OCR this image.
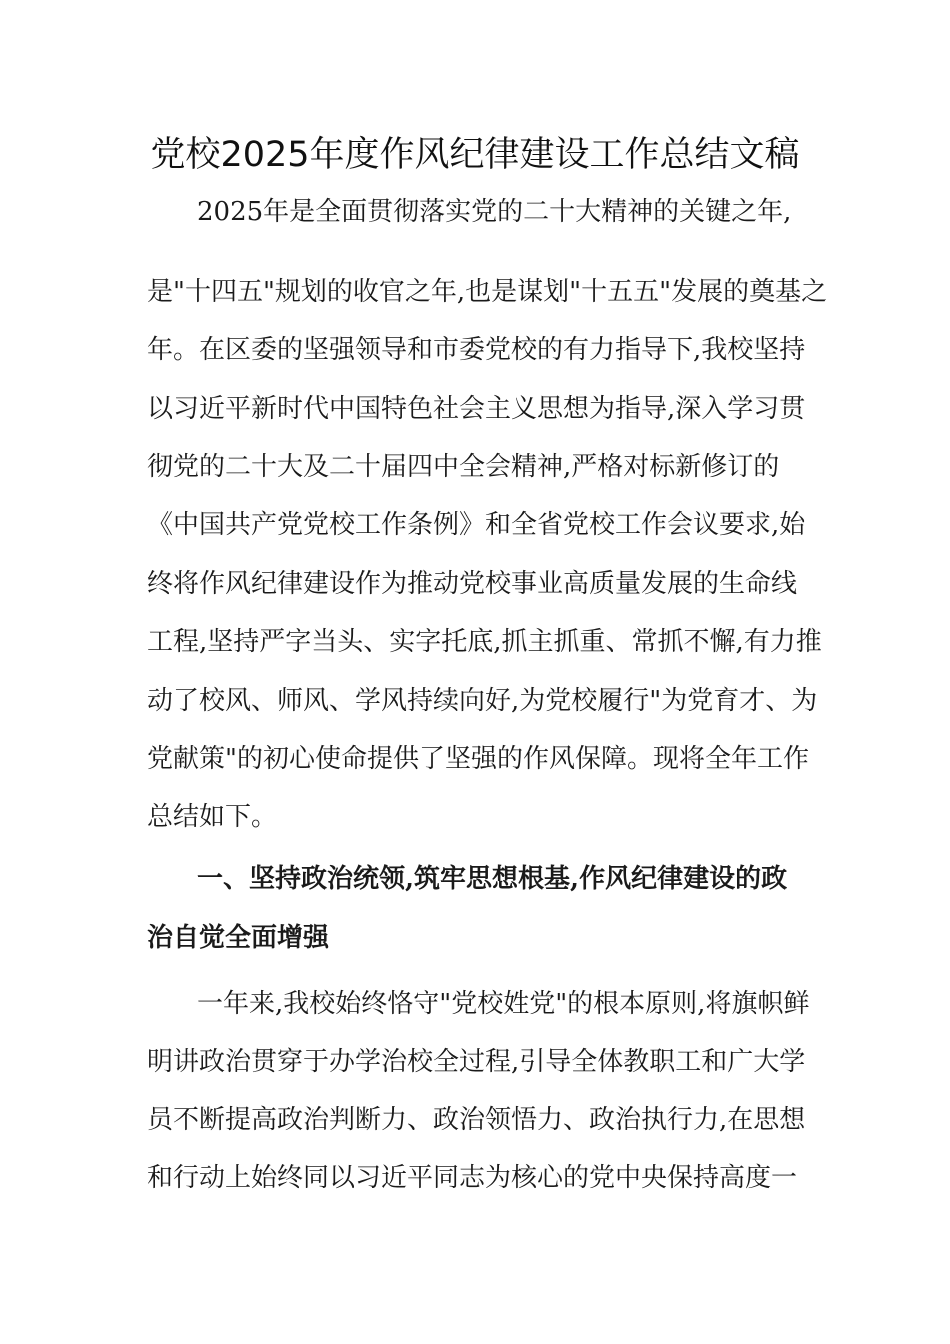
党校2025年度作风纪律建设工作总结文稿
2025年是全面贯彻落实党的二十大精神的关键之年,
是"十四五"规划的收官之年,也是谋划"十五五"发展的奠基之
年。在区委的坚强领导和市委党校的有力指导下,我校坚持
以习近平新时代中国特色社会主义思想为指导,深入学习贯
彻党的二十大及二十届四中全会精神,严格对标新修订的
《中国共产党党校工作条例》和全省党校工作会议要求,始
终将作风纪律建设作为推动党校事业高质量发展的生命线
工程,坚持严字当头、实字托底,抓主抓重、常抓不懈,有力推
动了校风、师风、学风持续向好,为党校履行"为党育才、为
党献策"的初心使命提供了坚强的作风保障。现将全年工作
总结如下。
一、坚持政治统领,筑牢思想根基,作风纪律建设的政
治自觉全面增强
一年来,我校始终恪守"党校姓党"的根本原则,将旗帜鲜
明讲政治贯穿于办学治校全过程,引导全体教职工和广大学
员不断提高政治判断力、政治领悟力、政治执行力,在思想
和行动上始终同以习近平同志为核心的党中央保持高度一
